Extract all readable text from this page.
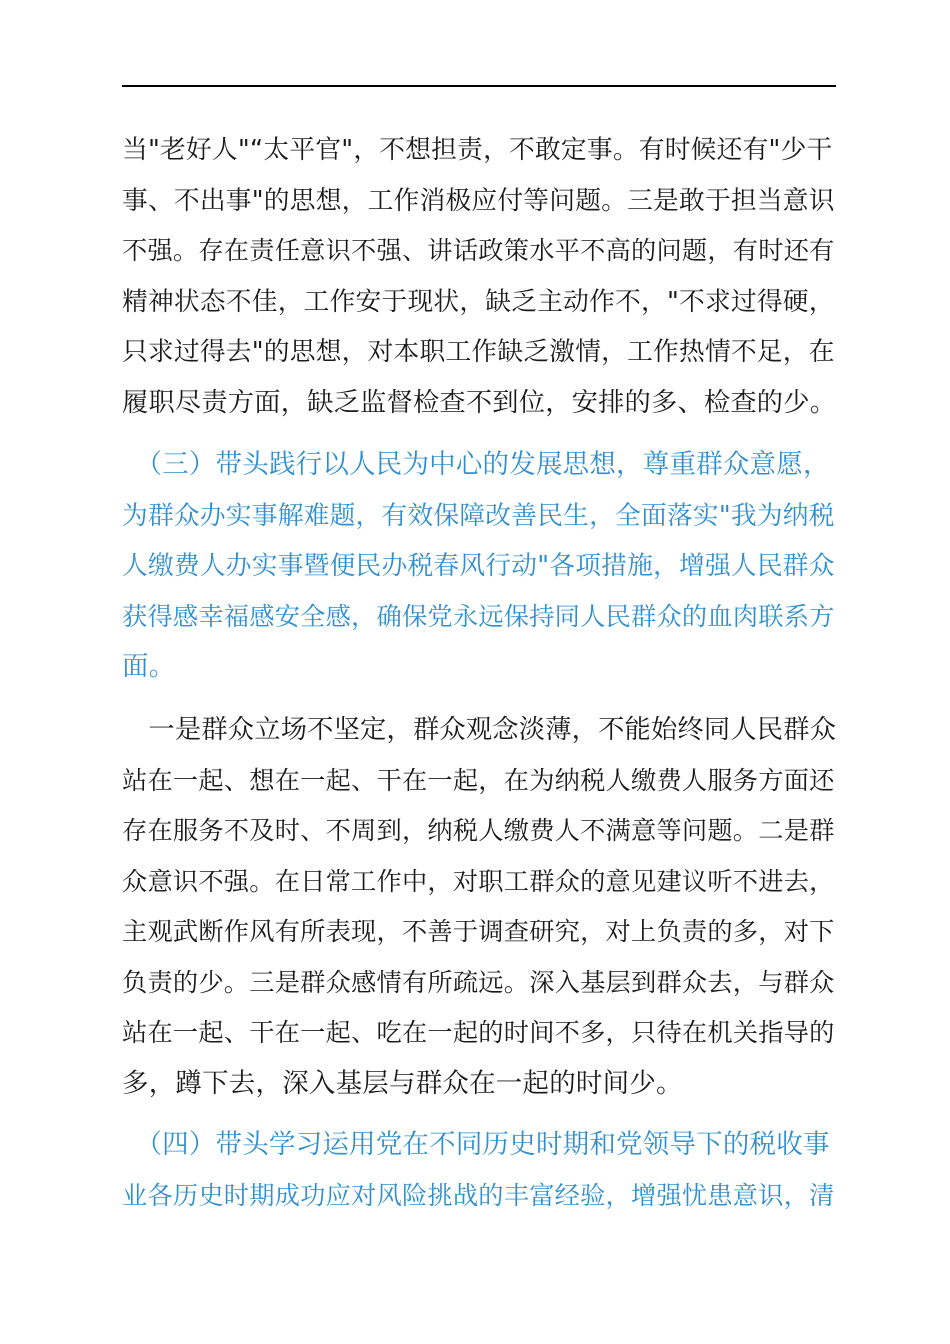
当"老好人"“太平官"，不想担责，不敢定事。有时候还有"少干
事、不出事"的思想，工作消极应付等问题。三是敢于担当意识
不强。存在责任意识不强、讲话政策水平不高的问题，有时还有
精神状态不佳，工作安于现状，缺乏主动作不，"不求过得硬，
只求过得去"的思想，对本职工作缺乏激情，工作热情不足，在
履职尽责方面，缺乏监督检查不到位，安排的多、检查的少。

　（三）带头践行以人民为中心的发展思想，尊重群众意愿，
为群众办实事解难题，有效保障改善民生，全面落实"我为纳税
人缴费人办实事暨便民办税春风行动"各项措施，增强人民群众
获得感幸福感安全感，确保党永远保持同人民群众的血肉联系方
面。

　一是群众立场不坚定，群众观念淡薄，不能始终同人民群众
站在一起、想在一起、干在一起，在为纳税人缴费人服务方面还
存在服务不及时、不周到，纳税人缴费人不满意等问题。二是群
众意识不强。在日常工作中，对职工群众的意见建议听不进去，
主观武断作风有所表现，不善于调查研究，对上负责的多，对下
负责的少。三是群众感情有所疏远。深入基层到群众去，与群众
站在一起、干在一起、吃在一起的时间不多，只待在机关指导的
多，蹲下去，深入基层与群众在一起的时间少。

　（四）带头学习运用党在不同历史时期和党领导下的税收事
业各历史时期成功应对风险挑战的丰富经验，增强忧患意识，清
